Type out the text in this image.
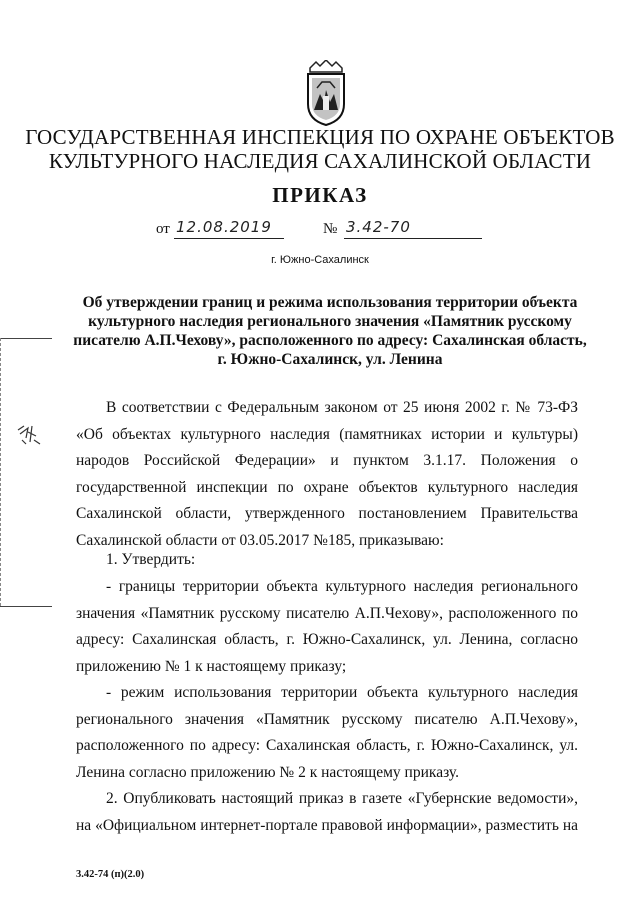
ГОСУДАРСТВЕННАЯ ИНСПЕКЦИЯ ПО ОХРАНЕ ОБЪЕКТОВ
КУЛЬТУРНОГО НАСЛЕДИЯ САХАЛИНСКОЙ ОБЛАСТИ
ПРИКАЗ
от 12.08.2019	№ 3.42-70
г. Южно-Сахалинск
Об утверждении границ и режима использования территории объекта
культурного наследия регионального значения «Памятник русскому
писателю А.П.Чехову», расположенного по адресу: Сахалинская область,
г. Южно-Сахалинск, ул. Ленина
В соответствии с Федеральным законом от 25 июня 2002 г. № 73-ФЗ «Об объектах культурного наследия (памятниках истории и культуры) народов Российской Федерации» и пунктом 3.1.17. Положения о государственной инспекции по охране объектов культурного наследия Сахалинской области, утвержденного постановлением Правительства Сахалинской области от 03.05.2017 №185, приказываю:
1. Утвердить:
- границы территории объекта культурного наследия регионального значения «Памятник русскому писателю А.П.Чехову», расположенного по адресу: Сахалинская область, г. Южно-Сахалинск, ул. Ленина, согласно приложению № 1 к настоящему приказу;
- режим использования территории объекта культурного наследия регионального значения «Памятник русскому писателю А.П.Чехову», расположенного по адресу: Сахалинская область, г. Южно-Сахалинск, ул. Ленина согласно приложению № 2 к настоящему приказу.
2. Опубликовать настоящий приказ в газете «Губернские ведомости», на «Официальном интернет-портале правовой информации», разместить на
3.42-74 (п)(2.0)
